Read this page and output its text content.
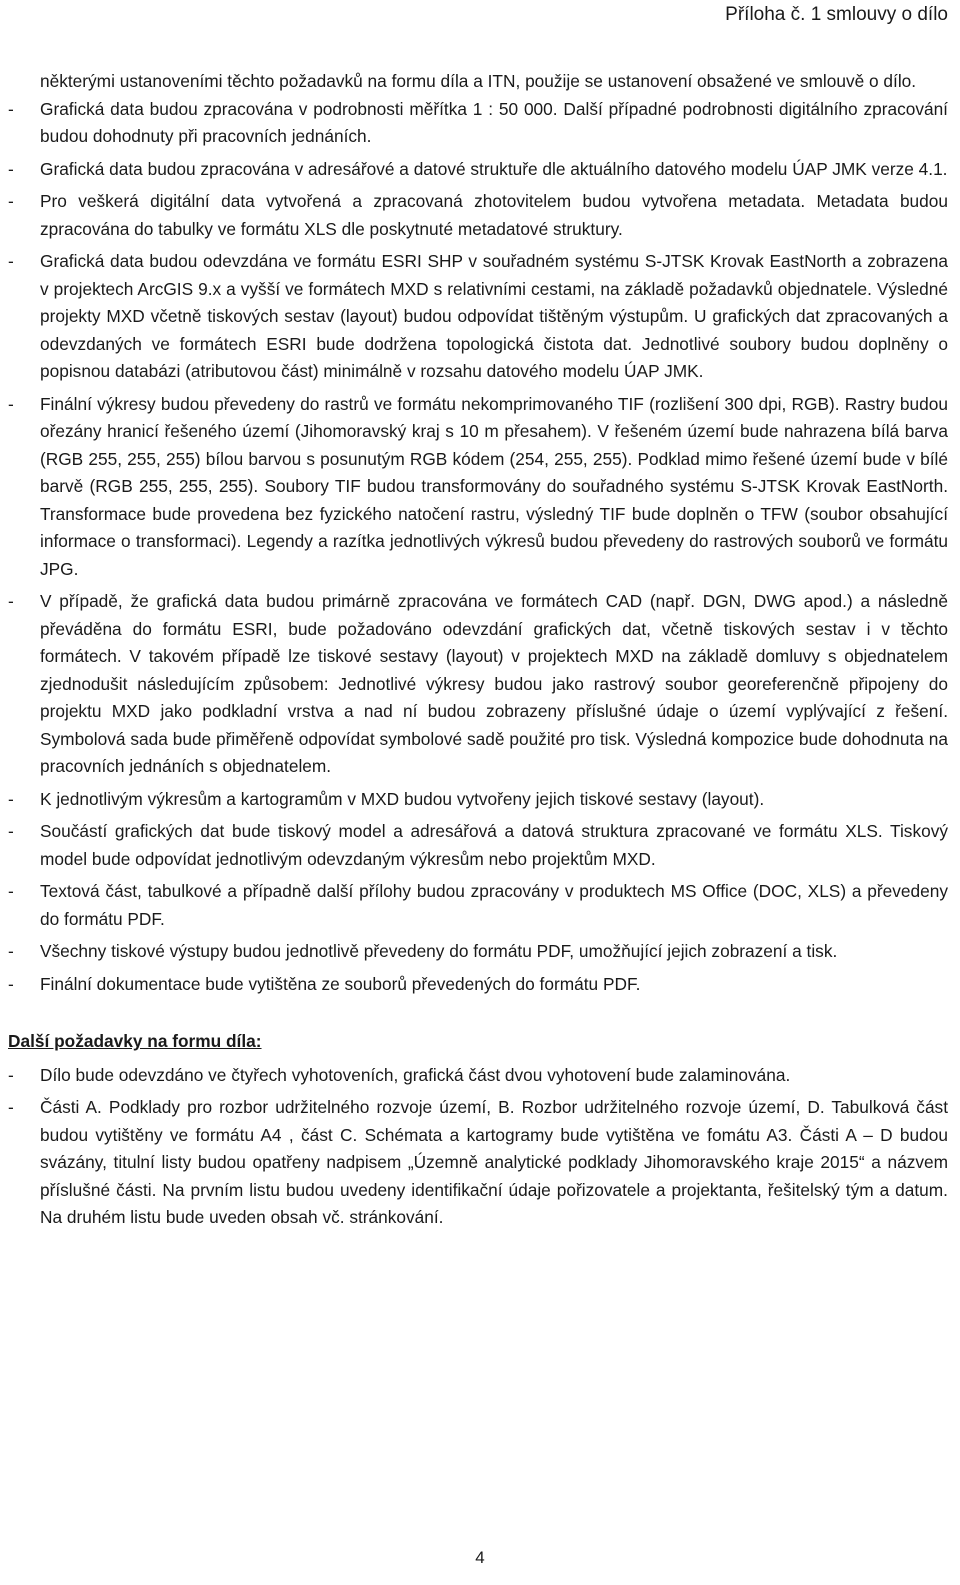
Příloha č. 1 smlouvy o dílo

některými ustanoveními těchto požadavků na formu díla a ITN, použije se ustanovení obsažené ve smlouvě o dílo.

- Grafická data budou zpracována v podrobnosti měřítka 1 : 50 000. Další případné podrobnosti digitálního zpracování budou dohodnuty při pracovních jednáních.
- Grafická data budou zpracována v adresářové a datové struktuře dle aktuálního datového modelu ÚAP JMK verze 4.1.
- Pro veškerá digitální data vytvořená a zpracovaná zhotovitelem budou vytvořena metadata. Metadata budou zpracována do tabulky ve formátu XLS dle poskytnuté metadatové struktury.
- Grafická data budou odevzdána ve formátu ESRI SHP v souřadném systému S-JTSK Krovak EastNorth a zobrazena v projektech ArcGIS 9.x a vyšší ve formátech MXD s relativními cestami, na základě požadavků objednatele. Výsledné projekty MXD včetně tiskových sestav (layout) budou odpovídat tištěným výstupům. U grafických dat zpracovaných a odevzdaných ve formátech ESRI bude dodržena topologická čistota dat. Jednotlivé soubory budou doplněny o popisnou databázi (atributovou část) minimálně v rozsahu datového modelu ÚAP JMK.
- Finální výkresy budou převedeny do rastrů ve formátu nekomprimovaného TIF (rozlišení 300 dpi, RGB). Rastry budou ořezány hranicí řešeného území (Jihomoravský kraj s 10 m přesahem). V řešeném území bude nahrazena bílá barva (RGB 255, 255, 255) bílou barvou s posunutým RGB kódem (254, 255, 255). Podklad mimo řešené území bude v bílé barvě (RGB 255, 255, 255). Soubory TIF budou transformovány do souřadného systému S-JTSK Krovak EastNorth. Transformace bude provedena bez fyzického natočení rastru, výsledný TIF bude doplněn o TFW (soubor obsahující informace o transformaci). Legendy a razítka jednotlivých výkresů budou převedeny do rastrových souborů ve formátu JPG.
- V případě, že grafická data budou primárně zpracována ve formátech CAD (např. DGN, DWG apod.) a následně převáděna do formátu ESRI, bude požadováno odevzdání grafických dat, včetně tiskových sestav i v těchto formátech. V takovém případě lze tiskové sestavy (layout) v projektech MXD na základě domluvy s objednatelem zjednodušit následujícím způsobem: Jednotlivé výkresy budou jako rastrový soubor georeferenčně připojeny do projektu MXD jako podkladní vrstva a nad ní budou zobrazeny příslušné údaje o území vyplývající z řešení. Symbolová sada bude přiměřeně odpovídat symbolové sadě použité pro tisk. Výsledná kompozice bude dohodnuta na pracovních jednáních s objednatelem.
- K jednotlivým výkresům a kartogramům v MXD budou vytvořeny jejich tiskové sestavy (layout).
- Součástí grafických dat bude tiskový model a adresářová a datová struktura zpracované ve formátu XLS. Tiskový model bude odpovídat jednotlivým odevzdaným výkresům nebo projektům MXD.
- Textová část, tabulkové a případně další přílohy budou zpracovány v produktech MS Office (DOC, XLS) a převedeny do formátu PDF.
- Všechny tiskové výstupy budou jednotlivě převedeny do formátu PDF, umožňující jejich zobrazení a tisk.
- Finální dokumentace bude vytištěna ze souborů převedených do formátu PDF.
Další požadavky na formu díla:
- Dílo bude odevzdáno ve čtyřech vyhotoveních, grafická část dvou vyhotovení bude zalaminována.
- Části A. Podklady pro rozbor udržitelného rozvoje území, B. Rozbor udržitelného rozvoje území, D. Tabulková část budou vytištěny ve formátu A4 , část C. Schémata a kartogramy bude vytištěna ve fomátu A3. Části A – D budou svázány, titulní listy budou opatřeny nadpisem „Územně analytické podklady Jihomoravského kraje 2015“ a názvem příslušné části. Na prvním listu budou uvedeny identifikační údaje pořizovatele a projektanta, řešitelský tým a datum. Na druhém listu bude uveden obsah vč. stránkování.
4
